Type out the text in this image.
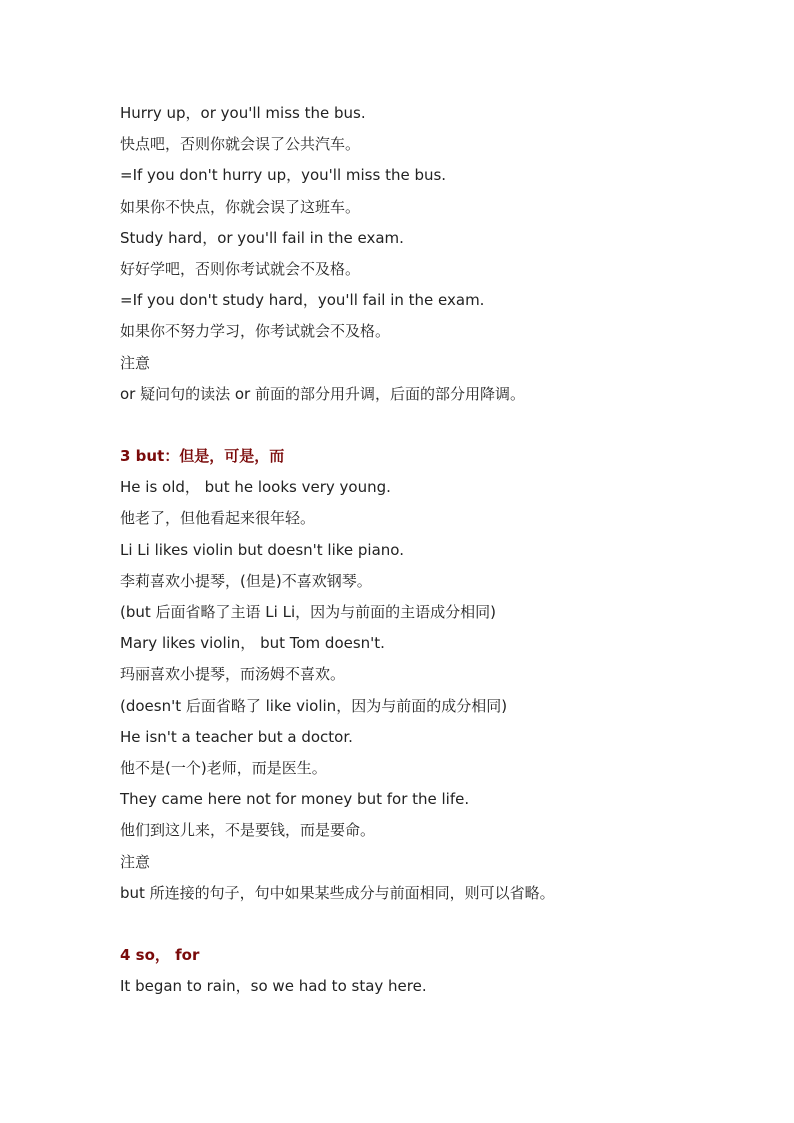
Hurry up，or you'll miss the bus.
快点吧，否则你就会误了公共汽车。
=If you don't hurry up，you'll miss the bus.
如果你不快点，你就会误了这班车。
Study hard，or you'll fail in the exam.
好好学吧，否则你考试就会不及格。
=If you don't study hard，you'll fail in the exam.
如果你不努力学习，你考试就会不及格。
注意
or 疑问句的读法 or 前面的部分用升调，后面的部分用降调。
3 but：但是，可是，而
He is old， but he looks very young.
他老了，但他看起来很年轻。
Li Li likes violin but doesn't like piano.
李莉喜欢小提琴，(但是)不喜欢钢琴。
(but 后面省略了主语 Li Li，因为与前面的主语成分相同)
Mary likes violin， but Tom doesn't.
玛丽喜欢小提琴，而汤姆不喜欢。
(doesn't 后面省略了 like violin，因为与前面的成分相同)
He isn't a teacher but a doctor.
他不是(一个)老师，而是医生。
They came here not for money but for the life.
他们到这儿来，不是要钱，而是要命。
注意
but 所连接的句子，句中如果某些成分与前面相同，则可以省略。
4 so， for
It began to rain，so we had to stay here.
